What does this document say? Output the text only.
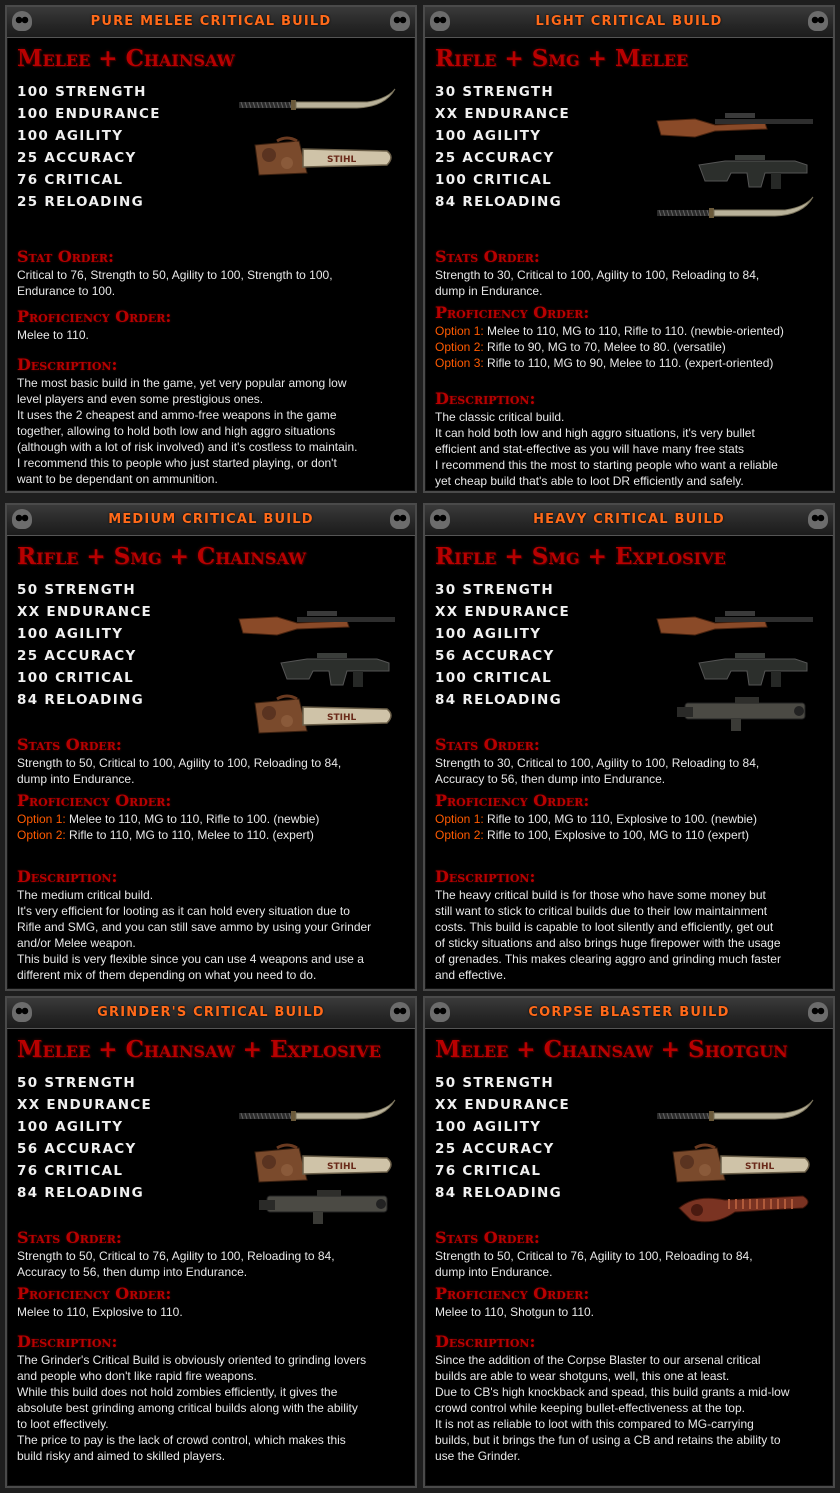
PURE MELEE CRITICAL BUILD
Melee + Chainsaw
100 STRENGTH
100 ENDURANCE
100 AGILITY
25 ACCURACY
76 CRITICAL
25 RELOADING
STIHL
Stat Order:
Critical to 76, Strength to 50, Agility to 100, Strength to 100,
Endurance to 100.
Proficiency Order:
Melee to 110.
Description:
The most basic build in the game, yet very popular among low
level players and even some prestigious ones.
It uses the 2 cheapest and ammo-free weapons in the game
together, allowing to hold both low and high aggro situations
(although with a lot of risk involved) and it's costless to maintain.
I recommend this to people who just started playing, or don't
want to be dependant on ammunition.
LIGHT CRITICAL BUILD
Rifle + Smg + Melee
30 STRENGTH
XX ENDURANCE
100 AGILITY
25 ACCURACY
100 CRITICAL
84 RELOADING
Stats Order:
Strength to 30, Critical to 100, Agility to 100, Reloading to 84,
dump in Endurance.
Proficiency Order:
Option 1: Melee to 110, MG to 110, Rifle to 110. (newbie-oriented)
Option 2: Rifle to 90, MG to 70, Melee to 80. (versatile)
Option 3: Rifle to 110, MG to 90, Melee to 110. (expert-oriented)
Description:
The classic critical build.
It can hold both low and high aggro situations, it's very bullet
efficient and stat-effective as you will have many free stats
I recommend this the most to starting people who want a reliable
yet cheap build that's able to loot DR efficiently and safely.
MEDIUM CRITICAL BUILD
Rifle + Smg + Chainsaw
50 STRENGTH
XX ENDURANCE
100 AGILITY
25 ACCURACY
100 CRITICAL
84 RELOADING
STIHL
Stats Order:
Strength to 50, Critical to 100, Agility to 100, Reloading to 84,
dump into Endurance.
Proficiency Order:
Option 1: Melee to 110, MG to 110, Rifle to 100. (newbie)
Option 2: Rifle to 110, MG to 110, Melee to 110. (expert)
Description:
The medium critical build.
It's very efficient for looting as it can hold every situation due to
Rifle and SMG, and you can still save ammo by using your Grinder
and/or Melee weapon.
This build is very flexible since you can use 4 weapons and use a
different mix of them depending on what you need to do.
HEAVY CRITICAL BUILD
Rifle + Smg + Explosive
30 STRENGTH
XX ENDURANCE
100 AGILITY
56 ACCURACY
100 CRITICAL
84 RELOADING
Stats Order:
Strength to 30, Critical to 100, Agility to 100, Reloading to 84,
Accuracy to 56, then dump into Endurance.
Proficiency Order:
Option 1: Rifle to 100, MG to 110, Explosive to 100. (newbie)
Option 2: Rifle to 100, Explosive to 100, MG to 110 (expert)
Description:
The heavy critical build is for those who have some money but
still want to stick to critical builds due to their low maintainment
costs. This build is capable to loot silently and efficiently, get out
of sticky situations and also brings huge firepower with the usage
of grenades. This makes clearing aggro and grinding much faster
and effective.
GRINDER'S CRITICAL BUILD
Melee + Chainsaw + Explosive
50 STRENGTH
XX ENDURANCE
100 AGILITY
56 ACCURACY
76 CRITICAL
84 RELOADING
STIHL
Stats Order:
Strength to 50, Critical to 76, Agility to 100, Reloading to 84,
Accuracy to 56, then dump into Endurance.
Proficiency Order:
Melee to 110, Explosive to 110.
Description:
The Grinder's Critical Build is obviously oriented to grinding lovers
and people who don't like rapid fire weapons.
While this build does not hold zombies efficiently, it gives the
absolute best grinding among critical builds along with the ability
to loot effectively.
The price to pay is the lack of crowd control, which makes this
build risky and aimed to skilled players.
CORPSE BLASTER BUILD
Melee + Chainsaw + Shotgun
50 STRENGTH
XX ENDURANCE
100 AGILITY
25 ACCURACY
76 CRITICAL
84 RELOADING
STIHL
Stats Order:
Strength to 50, Critical to 76, Agility to 100, Reloading to 84,
dump into Endurance.
Proficiency Order:
Melee to 110, Shotgun to 110.
Description:
Since the addition of the Corpse Blaster to our arsenal critical
builds are able to wear shotguns, well, this one at least.
Due to CB's high knockback and spead, this build grants a mid-low
crowd control while keeping bullet-effectiveness at the top.
It is not as reliable to loot with this compared to MG-carrying
builds, but it brings the fun of using a CB and retains the ability to
use the Grinder.
